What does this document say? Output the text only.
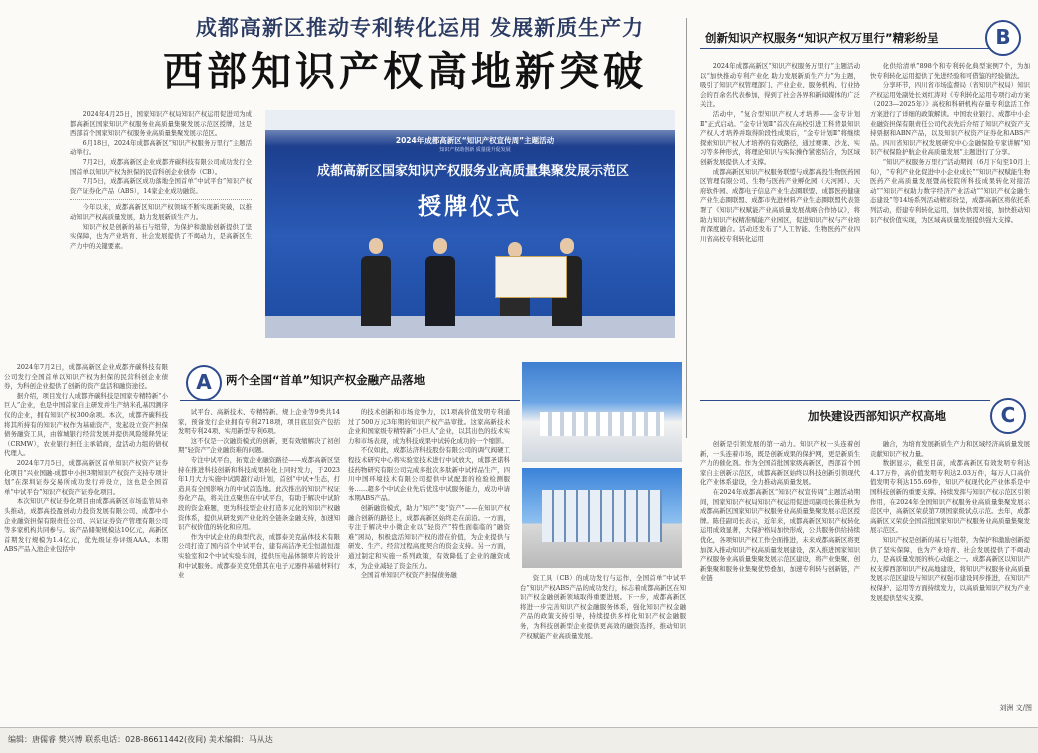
成都高新区推动专利转化运用 发展新质生产力
西部知识产权高地新突破

2024年4月25日，国家知识产权局知识产权运用促进司为成都高新区国家知识产权服务业高质量集聚发展示范区授牌，这是西部首个国家知识产权服务业高质量集聚发展示范区。

6月18日，2024年成都高新区“知识产权服务万里行”主题活动举行。

7月2日，成都高新区企业成都齐碳科技有限公司成功发行全国首单以知识产权为担保的民营科创企业债券（CB）。

7月5日，成都高新区成功落地全国首单“中试平台”知识产权资产证券化产品（ABS），14家企业成功融资。

今年以来，成都高新区知识产权领域不断实现新突破，以推动知识产权高质量发展，助力发展新质生产力。

知识产权是创新的基石与纽带，为保护和激励创新提供了坚实保障，也为产业培育、社会发展提供了不竭动力，是高新区生产力中的关键要素。

2024年成都高新区“知识产权宣传周”主题活动
知识产权助创新 质量提升促发展
成都高新区国家知识产权服务业高质量集聚发展示范区
授牌仪式
创新知识产权服务“知识产权万里行”精彩纷呈	B

2024年成都高新区“知识产权服务万里行”主题活动以“加快推动专利产业化 助力发展新质生产力”为主题，吸引了知识产权管理部门、产业企业、服务机构、行业协会的百余名代表参加，得到了社会各界和新闻媒体的广泛关注。

活动中，“复合型知识产权人才培养——金专计划Ⅱ”正式启动。“金专计划Ⅱ”首次在高校引进工科背景知识产权人才培养并取得阶段性成果后，“金专计划Ⅱ”将继续探索知识产权人才培养的有效路径，通过赛课、沙龙、实习等多种形式，将理论知识与实际操作紧密结合，为区域创新发展提供人才支撑。

成都高新区知识产权服务联盟与成都高投生物医药园区管理有限公司、生物与医药产业孵化园（天河园）、天府软件园、成都电子信息产业生态圈联盟、成都医药健康产业生态圈联盟、成都市先进材料产业生态圈联盟代表签署了《知识产权赋能产业高质量发展战略合作协议》，将助力知识产权精准赋能产业园区，促进知识产权与产业培育深度融合。活动还发布了“人工智能、生物医药产业四川省高校专利转化运用

化供给清单”898个和专利转化典型案例7个，为加快专利转化运用提供了先进经验和可借鉴的经验做法。

分享环节，四川省市场监督局（省知识产权局）知识产权运用处副处长刘红涛对《专利转化运用专项行动方案（2023—2025年）》高校和科研机构存量专利盘活工作方案进行了详细的政策解读。中国农业银行、成都中小企业融资担保有限责任公司代表先后介绍了知识产权资产支持票据和ABN产品，以及知识产权资产证券化和ABS产品。四川省知识产权发展研究中心金融保险专家讲解“知识产权保险护航企业高质量发展”主题进行了分享。

“知识产权服务万里行”活动期间（6月下旬至10月上旬），“专利产业化促进中小企业成长”“知识产权赋能生物医药产业高质量发展暨高校院所科技成果转化对接活动”“知识产权助力数字经济产业活动”“知识产权金融生态建设”等14场系列活动精彩纷呈，成都高新区将依托系列活动，搭建专利转化运用，加快供需对接，加快推动知识产权价值实现，为区域高质量发展提供强大支撑。

A	两个全国“首单”知识产权金融产品落地

2024年7月2日，成都高新区企业成都齐碳科技有限公司发行全国首单以知识产权为担保的民营科创企业债券，为科创企业提供了创新的资产盘活和融资途径。

据介绍，项目发行人成都齐碳科技是国家专精特新“小巨人”企业，也是中国首家自主研发并生产纳米孔基因测序仪的企业，拥有知识产权300余项。本次，成都齐碳科技将其所持有的知识产权作为基础资产，发起设立资产担保债务融资工具，由蓉城银行经营发展并提供风险缓释凭证（CRMW），农业银行担任主承销商，盘活动力组的债权代理人。

2024年7月5日，成都高新区首单知识产权资产证券化项目“兴业国融-成都中小担3期知识产权资产支持专项计划”在深圳证券交易所成功发行并设立，这也是全国首单“中试平台”知识产权资产证券化项目。

本次知识产权证券化项目由成都高新区市场监管局牵头推动，成都高投盈创动力投资发展有限公司、成都中小企业融资担保有限责任公司、兴证证券资产管理有限公司等多家机构共同参与。该产品储架规模达10亿元，高新区首期发行规模为1.4亿元，优先级证券评级AAA。本期ABS产品入池企业包括中

试平台、高新技术、专精特新、规上企业等9类共14家，预备发行企业拥有专利2718项，项目底层资产包括发明专利24项、实用新型专利6项。

这不仅是一次融资模式的创新，更有效缩解决了初创期“轻资产”企业融资难的问题。

专注中试平台，拓宽企业融资路径——成都高新区坚持在推进科技创新和科技成果转化上同时发力，于2023年1月大力实施中试跨越行动计划，首创“中试+生态，打造具有全国影响力的中试首选地。此次推出的知识产权证券化产品，将关注点聚焦在中试平台，有助于解决中试阶段的资金难题，更为科技型企业打造多元化的知识产权融资体系，提供从研发到产业化的全链条金融支持，加速知识产权价值的转化和应用。

作为中试企业的典型代表，成都泰美克晶体技术有限公司打造了国内首个中试平台，建有高洁净无尘恒温恒湿实验室和2个中试实验车间，提供压电晶体频率片的设计和中试服务。成都泰美克凭借其在电子元器件基础材料行业

的技术创新和市场竞争力，以1项高价值发明专利通过了500万元3年期的知识产权产品审批。这家高新技术企业和国家级专精特新“小巨人”企业，以其出色的技术实力和市场表现，成为科技成果中试转化成功的一个缩影。

不仅如此，成都达济科技股份有限公司的调气阀硬工程技术研究中心将实验室技术进行中试放大，成都圣诺科技药物研究有限公司完成多批次多肽新中试样品生产，四川中国环境技术有限公司提供中试配套的检验检测服务……超多个中试企业先后优选中试服务能力，成功申请本期ABS产品。

创新融资模式，助力“知产”变“资产”——在知识产权融合创新的路径上，成都高新区始终走在前沿。一方面，专注于解决中小微企业以“轻资产”特性面临临的“融资难”困局，积极盘活知识产权的潜在价值，为企业提供与研发、生产、经营过程高度契合的资金支持。另一方面，通过制定和实施一系列政策，有效降低了企业的融资成本，为企业减轻了资金压力。

全国首单知识产权资产担保债务融	资工具（CB）的成功发行与运作，全国首单“中试平台”知识产权ABS产品的成功发行，标志着成都高新区在知识产权金融创新领域取得重要进展。下一步，成都高新区将进一步完善知识产权金融服务体系，强化知识产权金融产品的政策支持引导，持续提供多样化知识产权金融服务，为科技创新型企业提供更高效的融资选择，推动知识产权赋能产业高质量发展。

加快建设西部知识产权高地	C

创新是引领发展的第一动力。知识产权一头连着创新，一头连着市场，既是创新成果的保护网，更是新质生产力的催化剂。作为全国首批国家级高新区，西部首个国家自主创新示范区，成都高新区始终以科技创新引领现代化产业体系建设，全力推动高质量发展。

在2024年成都高新区“知识产权宣传周”主题活动期间，国家知识产权局知识产权运用促进司副司长陈佳秋为成都高新区国家知识产权服务业高质量集聚发展示范区授牌。陈佳副司长表示，近年来，成都高新区知识产权转化运用成效显著，大保护格局加快形成，公共服务供给持续优化，各项知识产权工作全面推进，未来成都高新区将更加深入推动知识产权高质量发展建设，深入推进国家知识产权服务业高质量集聚发展示范区建设，将产业集聚、创新集聚和服务业集聚优势叠加，加速专利转与创新链，产业链

融合，为培育发展新质生产力和区域经济高质量发展贡献知识产权力量。

数据显示，截至目前，成都高新区有效发明专利达4.17万件，高价值发明专利达2.03万件，每万人口高价值发明专利达155.69件，知识产权现代化产业体系是中国科技创新的重要支撑。持续发挥与知识产权示范区引领作用，在2024年全国知识产权服务业高质量集聚发展示范区中，高新区荣获第7项国家级试点示范。去年，成都高新区又荣获全国首批国家知识产权服务业高质量集聚发展示范区。

知识产权是创新的基石与纽带，为保护和激励创新提供了坚实保障，也为产业培育、社会发展提供了不竭动力，是高质量发展的核心动能之一。成都高新区以知识产权支撑西部知识产权高地建设，将知识产权服务业高质量发展示范区建设与知识产权强市建设同步推进，在知识产权保护、运用等方面持续发力，以高质量知识产权为产业发展提供坚实支撑。

刘洲 文/图
编辑：唐儒睿 樊兴博 联系电话：028-86611442(夜间) 美术编辑：马从达
